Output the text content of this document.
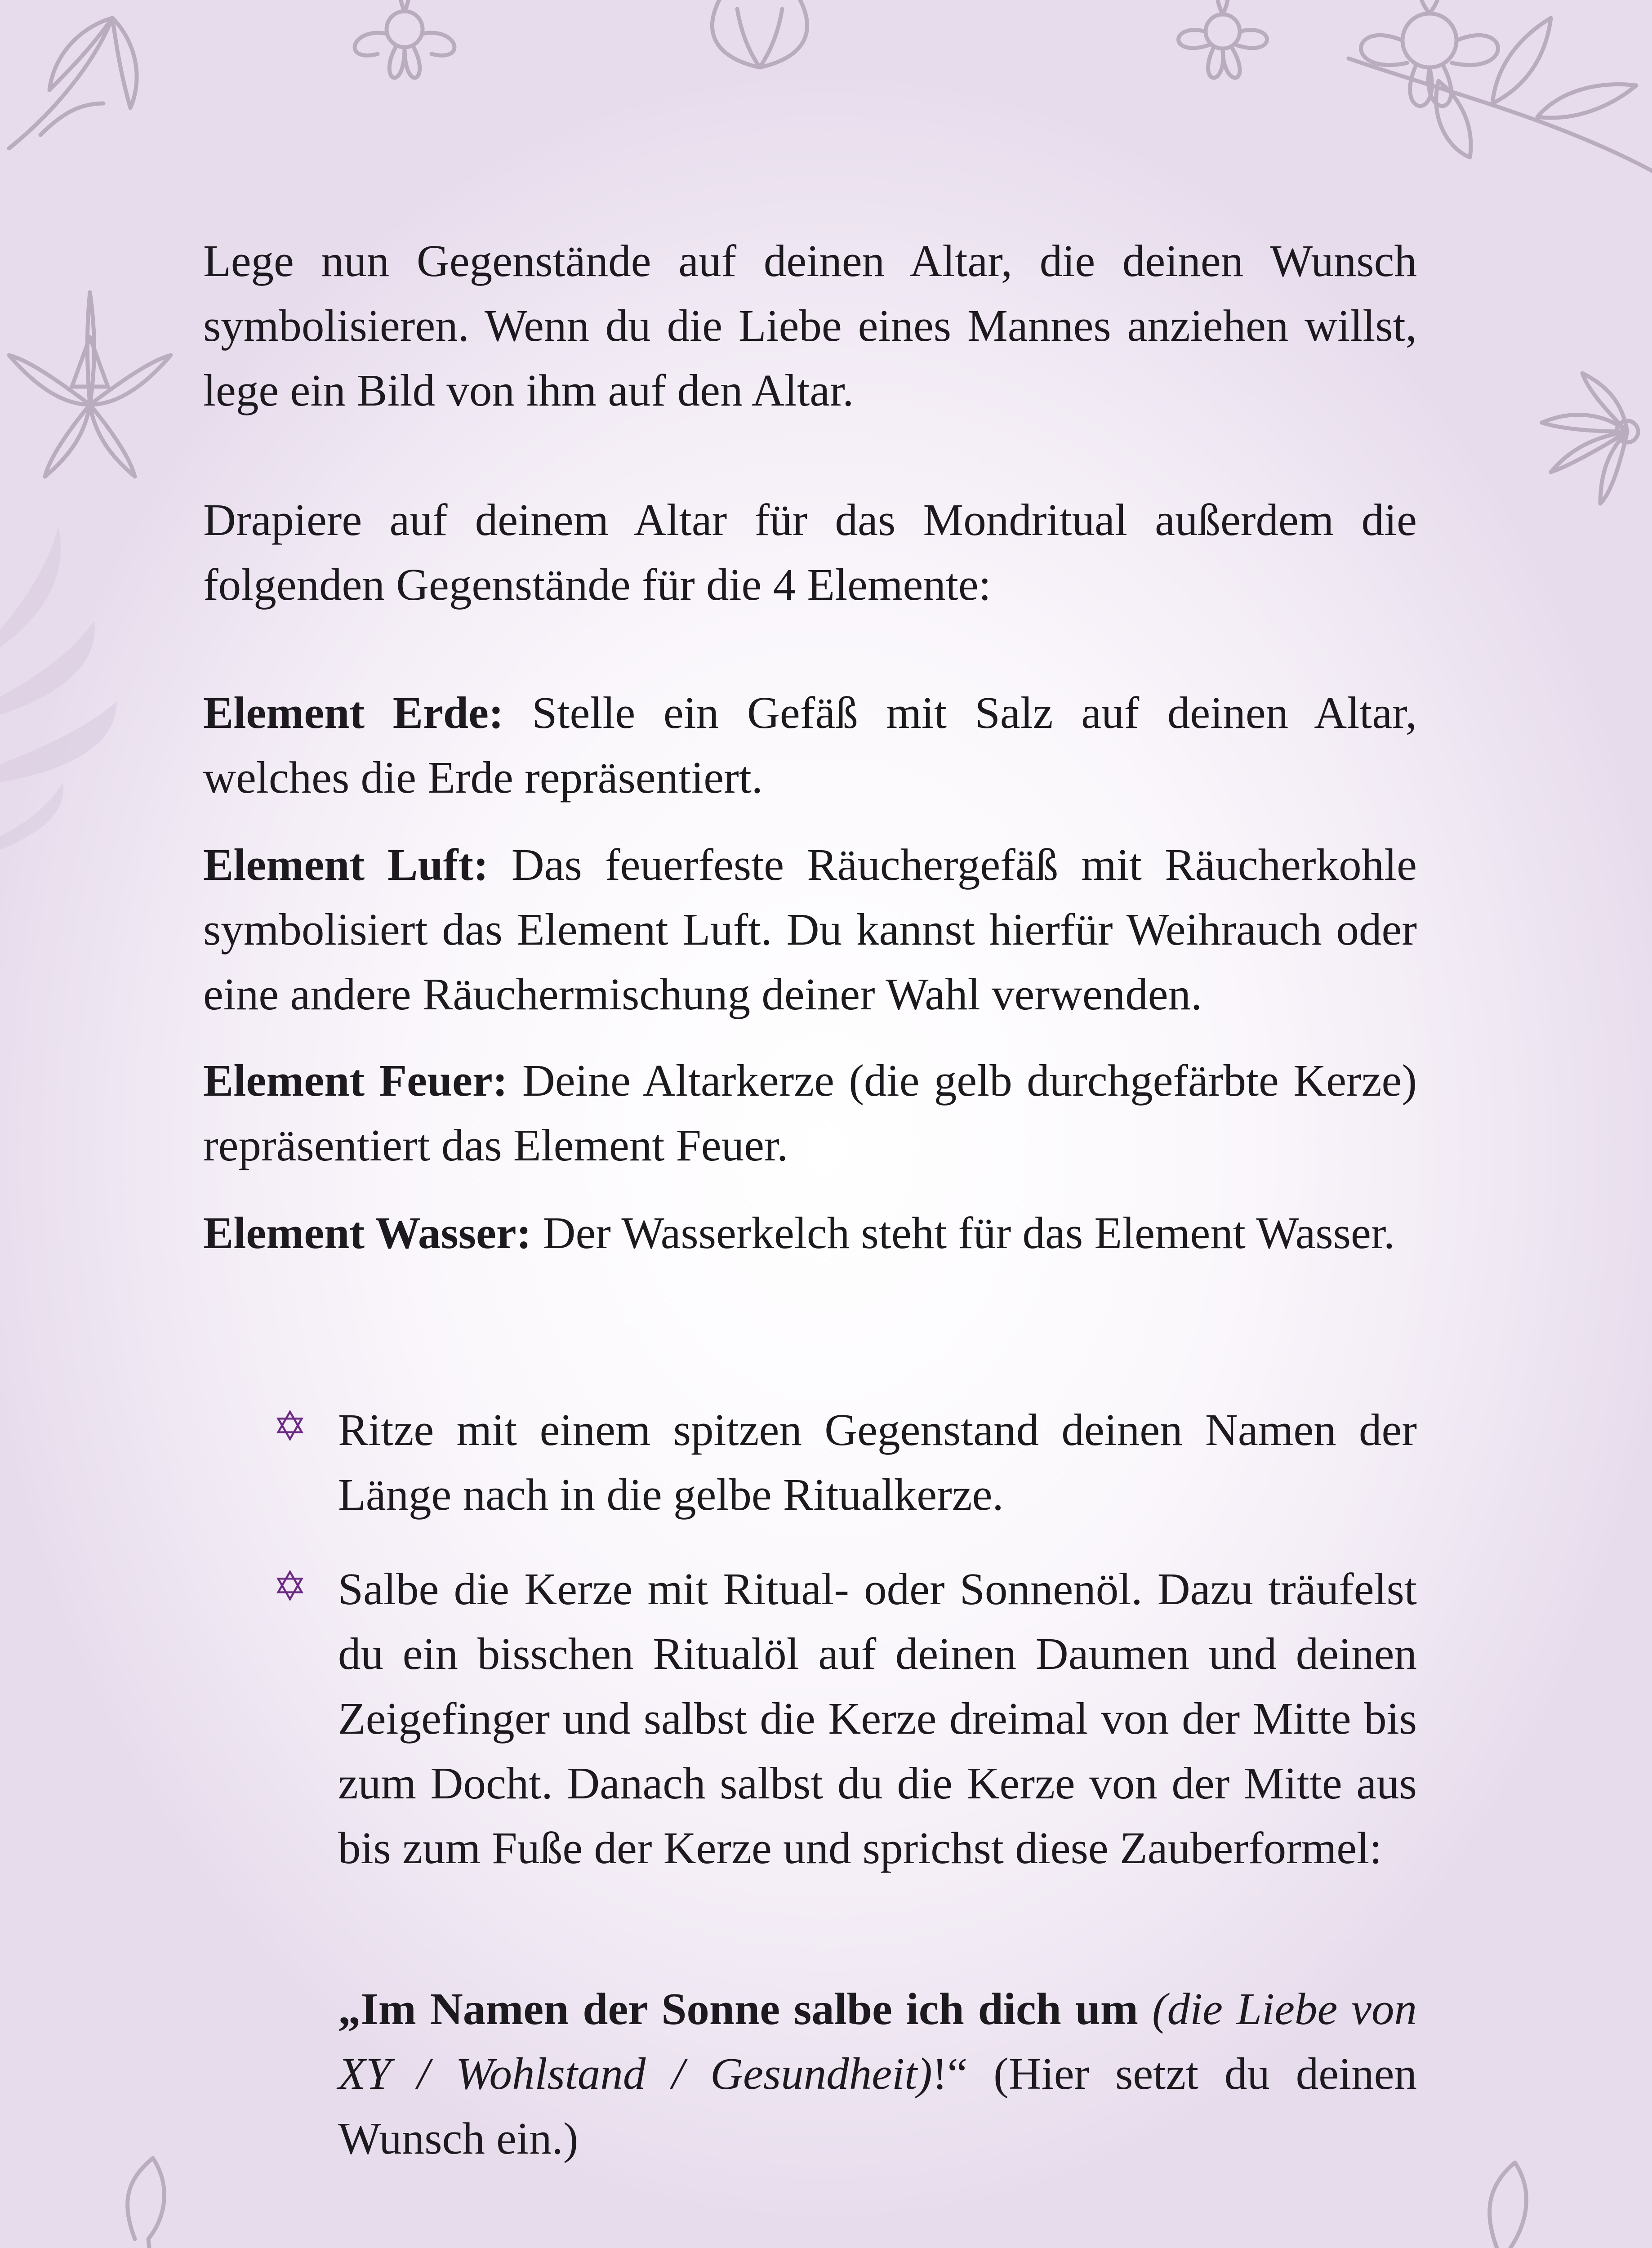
Lege nun Gegenstände auf deinen Altar, die deinen Wunsch symbolisieren. Wenn du die Liebe eines Mannes anziehen willst, lege ein Bild von ihm auf den Altar.

Drapiere auf deinem Altar für das Mondritual außerdem die folgenden Gegenstände für die 4 Elemente:

Element Erde: Stelle ein Gefäß mit Salz auf deinen Altar, welches die Erde repräsentiert.

Element Luft: Das feuerfeste Räuchergefäß mit Räucherkohle symbolisiert das Element Luft. Du kannst hierfür Weihrauch oder eine andere Räuchermischung deiner Wahl verwenden.

Element Feuer: Deine Altarkerze (die gelb durchgefärbte Kerze) repräsentiert das Element Feuer.

Element Wasser: Der Wasserkelch steht für das Element Wasser.

✡ Ritze mit einem spitzen Gegenstand deinen Namen der Länge nach in die gelbe Ritualkerze.

✡ Salbe die Kerze mit Ritual- oder Sonnenöl. Dazu träufelst du ein bisschen Ritualöl auf deinen Daumen und deinen Zeigefinger und salbst die Kerze dreimal von der Mitte bis zum Docht. Danach salbst du die Kerze von der Mitte aus bis zum Fuße der Kerze und sprichst diese Zauberformel:

„Im Namen der Sonne salbe ich dich um (die Liebe von XY / Wohlstand / Gesundheit)!“ (Hier setzt du deinen Wunsch ein.)
